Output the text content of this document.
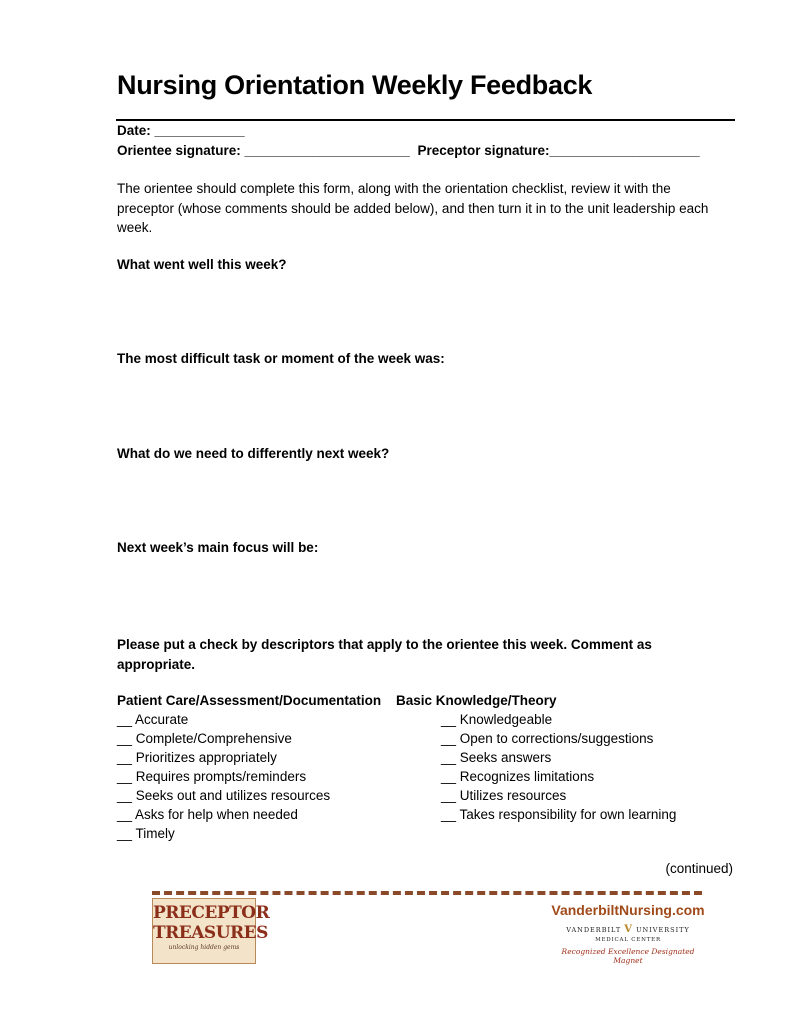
Nursing Orientation Weekly Feedback
Date: ____________
Orientee signature: ______________________ Preceptor signature:____________________
The orientee should complete this form, along with the orientation checklist, review it with the preceptor (whose comments should be added below), and then turn it in to the unit leadership each week.
What went well this week?
The most difficult task or moment of the week was:
What do we need to differently next week?
Next week’s main focus will be:
Please put a check by descriptors that apply to the orientee this week. Comment as appropriate.
Patient Care/Assessment/Documentation
__ Accurate
__ Complete/Comprehensive
__ Prioritizes appropriately
__ Requires prompts/reminders
__ Seeks out and utilizes resources
__ Asks for help when needed
__ Timely
Basic Knowledge/Theory
__ Knowledgeable
__ Open to corrections/suggestions
__ Seeks answers
__ Recognizes limitations
__ Utilizes resources
__ Takes responsibility for own learning
(continued)
PRECEPTOR
TREASURES
unlocking hidden gems
VanderbiltNursing.com
VANDERBILT V UNIVERSITY
MEDICAL CENTER
Recognized Excellence Designated Magnet
